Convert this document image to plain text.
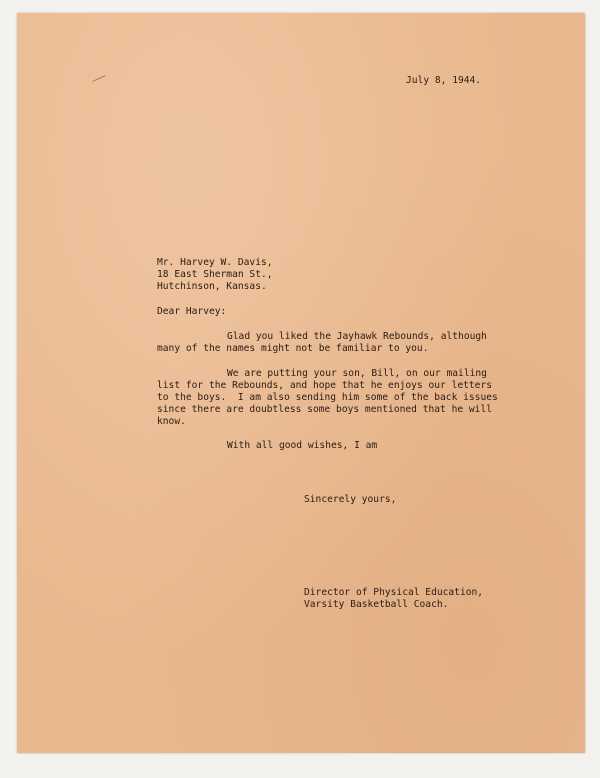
July 8, 1944.
Mr. Harvey W. Davis,
18 East Sherman St.,
Hutchinson, Kansas.
Dear Harvey:
Glad you liked the Jayhawk Rebounds, although
many of the names might not be familiar to you.
We are putting your son, Bill, on our mailing
list for the Rebounds, and hope that he enjoys our letters
to the boys.  I am also sending him some of the back issues
since there are doubtless some boys mentioned that he will
know.
With all good wishes, I am
Sincerely yours,
Director of Physical Education,
Varsity Basketball Coach.
